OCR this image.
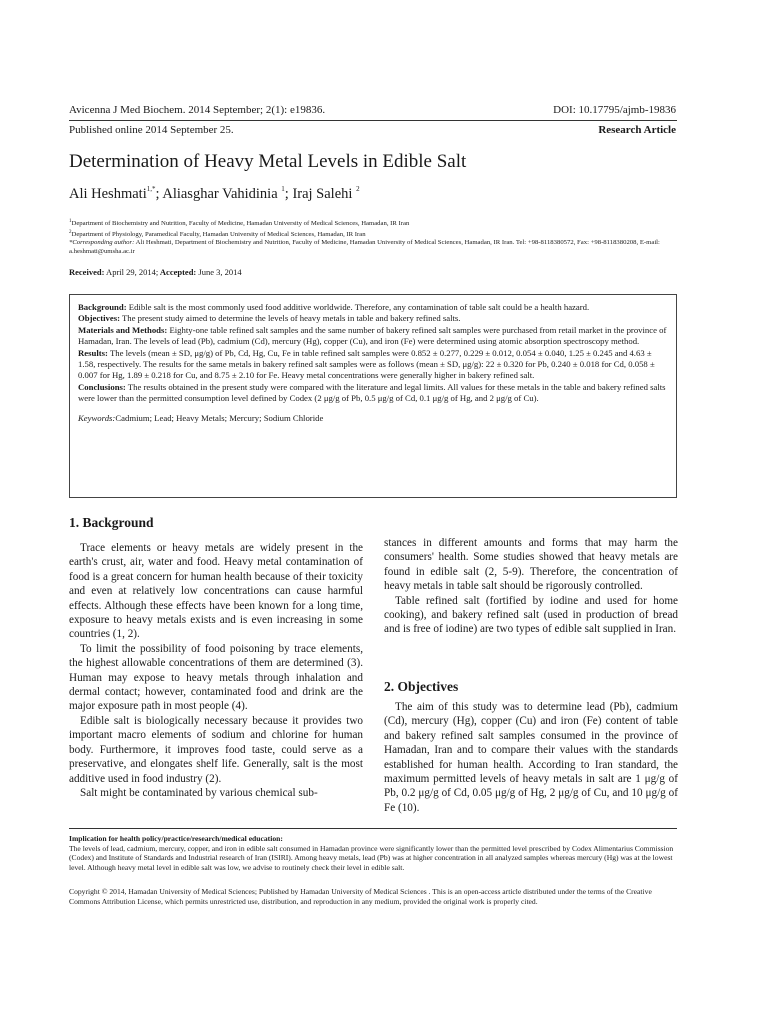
Avicenna J Med Biochem. 2014 September; 2(1): e19836.	DOI: 10.17795/ajmb-19836
Published online 2014 September 25.	Research Article
Determination of Heavy Metal Levels in Edible Salt
Ali Heshmati$^{1,*}$; Aliasghar Vahidinia $^1$; Iraj Salehi $^2$
$^1$Department of Biochemistry and Nutrition, Faculty of Medicine, Hamadan University of Medical Sciences, Hamadan, IR Iran
$^2$Department of Physiology, Paramedical Faculty, Hamadan University of Medical Sciences, Hamadan, IR Iran
*Corresponding author: Ali Heshmati, Department of Biochemistry and Nutrition, Faculty of Medicine, Hamadan University of Medical Sciences, Hamadan, IR Iran. Tel: +98-8118380572, Fax: +98-8118380208, E-mail: a.heshmati@umsha.ac.ir
Received: April 29, 2014; Accepted: June 3, 2014

Background: Edible salt is the most commonly used food additive worldwide. Therefore, any contamination of table salt could be a health hazard.

Objectives: The present study aimed to determine the levels of heavy metals in table and bakery refined salts.

Materials and Methods: Eighty-one table refined salt samples and the same number of bakery refined salt samples were purchased from retail market in the province of Hamadan, Iran. The levels of lead (Pb), cadmium (Cd), mercury (Hg), copper (Cu), and iron (Fe) were determined using atomic absorption spectroscopy method.

Results: The levels (mean ± SD, μg/g) of Pb, Cd, Hg, Cu, Fe in table refined salt samples were 0.852 ± 0.277, 0.229 ± 0.012, 0.054 ± 0.040, 1.25 ± 0.245 and 4.63 ± 1.58, respectively. The results for the same metals in bakery refined salt samples were as follows (mean ± SD, μg/g): 22 ± 0.320 for Pb, 0.240 ± 0.018 for Cd, 0.058 ± 0.007 for Hg, 1.89 ± 0.218 for Cu, and 8.75 ± 2.10 for Fe. Heavy metal concentrations were generally higher in bakery refined salt.

Conclusions: The results obtained in the present study were compared with the literature and legal limits. All values for these metals in the table and bakery refined salts were lower than the permitted consumption level defined by Codex (2 μg/g of Pb, 0.5 μg/g of Cd, 0.1 μg/g of Hg, and 2 μg/g of Cu).

Keywords:Cadmium; Lead; Heavy Metals; Mercury; Sodium Chloride

1. Background

Trace elements or heavy metals are widely present in the earth's crust, air, water and food. Heavy metal contamination of food is a great concern for human health because of their toxicity and even at relatively low concentrations can cause harmful effects. Although these effects have been known for a long time, exposure to heavy metals exists and is even increasing in some countries (1, 2).

To limit the possibility of food poisoning by trace elements, the highest allowable concentrations of them are determined (3). Human may expose to heavy metals through inhalation and dermal contact; however, contaminated food and drink are the major exposure path in most people (4).

Edible salt is biologically necessary because it provides two important macro elements of sodium and chlorine for human body. Furthermore, it improves food taste, could serve as a preservative, and elongates shelf life. Generally, salt is the most additive used in food industry (2).

Salt might be contaminated by various chemical sub-

stances in different amounts and forms that may harm the consumers' health. Some studies showed that heavy metals are found in edible salt (2, 5-9). Therefore, the concentration of heavy metals in table salt should be rigorously controlled.

Table refined salt (fortified by iodine and used for home cooking), and bakery refined salt (used in production of bread and is free of iodine) are two types of edible salt supplied in Iran.

2. Objectives

The aim of this study was to determine lead (Pb), cadmium (Cd), mercury (Hg), copper (Cu) and iron (Fe) content of table and bakery refined salt samples consumed in the province of Hamadan, Iran and to compare their values with the standards established for human health. According to Iran standard, the maximum permitted levels of heavy metals in salt are 1 μg/g of Pb, 0.2 μg/g of Cd, 0.05 μg/g of Hg, 2 μg/g of Cu, and 10 μg/g of Fe (10).

Implication for health policy/practice/research/medical education:

The levels of lead, cadmium, mercury, copper, and iron in edible salt consumed in Hamadan province were significantly lower than the permitted level prescribed by Codex Alimentarius Commission (Codex) and Institute of Standards and Industrial research of Iran (ISIRI). Among heavy metals, lead (Pb) was at higher concentration in all analyzed samples whereas mercury (Hg) was at the lowest level. Although heavy metal level in edible salt was low, we advise to routinely check their level in edible salt.

Copyright © 2014, Hamadan University of Medical Sciences; Published by Hamadan University of Medical Sciences . This is an open-access article distributed under the terms of the Creative Commons Attribution License, which permits unrestricted use, distribution, and reproduction in any medium, provided the original work is properly cited.
